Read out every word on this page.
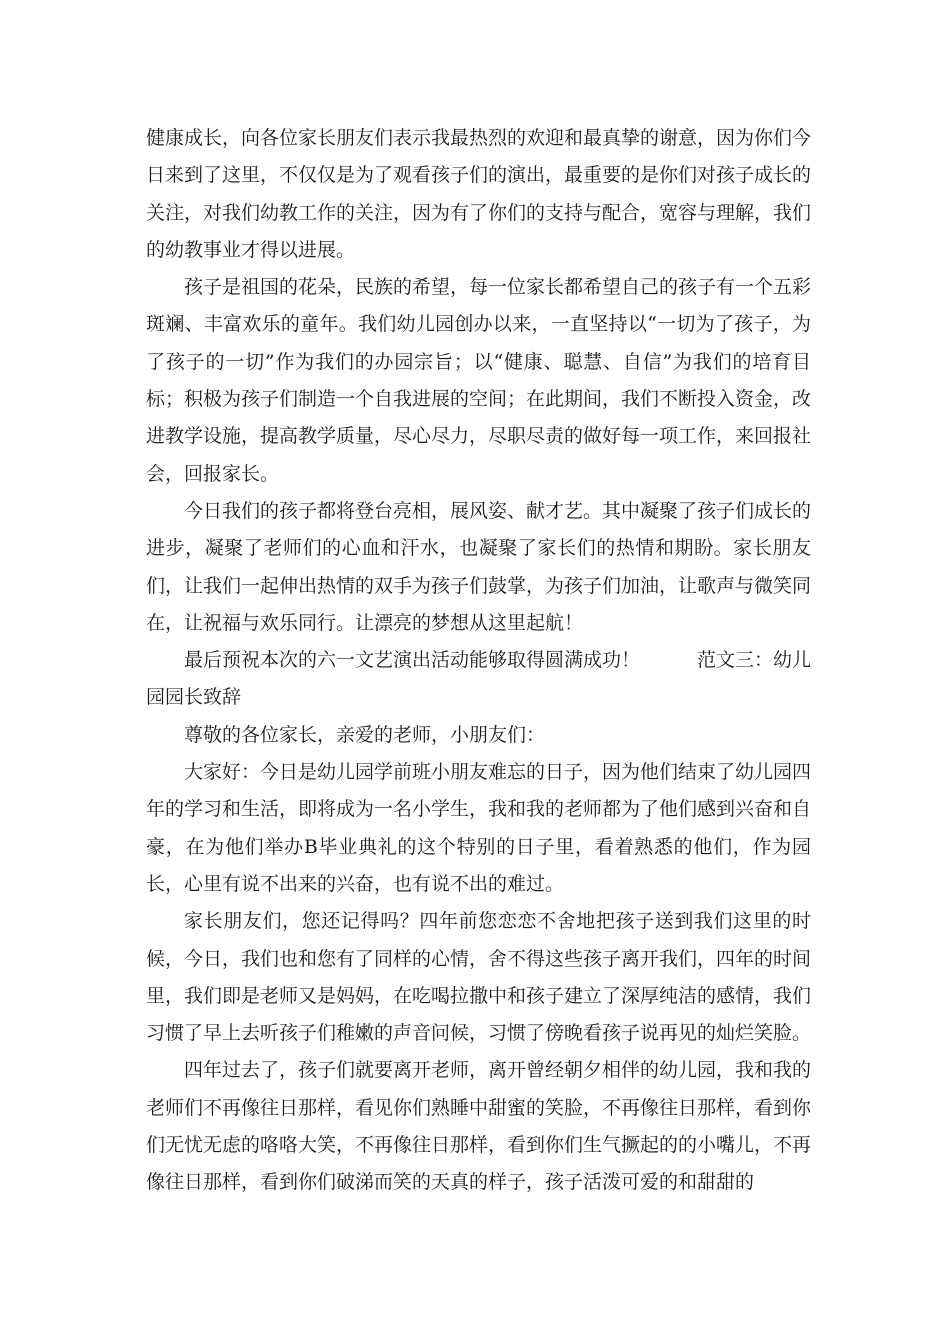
健康成长，向各位家长朋友们表示我最热烈的欢迎和最真挚的谢意，因为你们今日来到了这里，不仅仅是为了观看孩子们的演出，最重要的是你们对孩子成长的关注，对我们幼教工作的关注，因为有了你们的支持与配合，宽容与理解，我们的幼教事业才得以进展。

孩子是祖国的花朵，民族的希望，每一位家长都希望自己的孩子有一个五彩斑斓、丰富欢乐的童年。我们幼儿园创办以来，一直坚持以“一切为了孩子，为了孩子的一切”作为我们的办园宗旨；以“健康、聪慧、自信”为我们的培育目标；积极为孩子们制造一个自我进展的空间；在此期间，我们不断投入资金，改进教学设施，提高教学质量，尽心尽力，尽职尽责的做好每一项工作，来回报社会，回报家长。

今日我们的孩子都将登台亮相，展风姿、献才艺。其中凝聚了孩子们成长的进步，凝聚了老师们的心血和汗水，也凝聚了家长们的热情和期盼。家长朋友们，让我们一起伸出热情的双手为孩子们鼓掌，为孩子们加油，让歌声与微笑同在，让祝福与欢乐同行。让漂亮的梦想从这里起航！

最后预祝本次的六一文艺演出活动能够取得圆满成功！　　　范文三：幼儿园园长致辞

尊敬的各位家长，亲爱的老师，小朋友们：

大家好：今日是幼儿园学前班小朋友难忘的日子，因为他们结束了幼儿园四年的学习和生活，即将成为一名小学生，我和我的老师都为了他们感到兴奋和自豪，在为他们举办B毕业典礼的这个特别的日子里，看着熟悉的他们，作为园长，心里有说不出来的兴奋，也有说不出的难过。

家长朋友们，您还记得吗？四年前您恋恋不舍地把孩子送到我们这里的时候，今日，我们也和您有了同样的心情，舍不得这些孩子离开我们，四年的时间里，我们即是老师又是妈妈，在吃喝拉撒中和孩子建立了深厚纯洁的感情，我们习惯了早上去听孩子们稚嫩的声音问候，习惯了傍晚看孩子说再见的灿烂笑脸。

四年过去了，孩子们就要离开老师，离开曾经朝夕相伴的幼儿园，我和我的老师们不再像往日那样，看见你们熟睡中甜蜜的笑脸，不再像往日那样，看到你们无忧无虑的咯咯大笑，不再像往日那样，看到你们生气撅起的的小嘴儿，不再像往日那样，看到你们破涕而笑的天真的样子，孩子活泼可爱的和甜甜的
